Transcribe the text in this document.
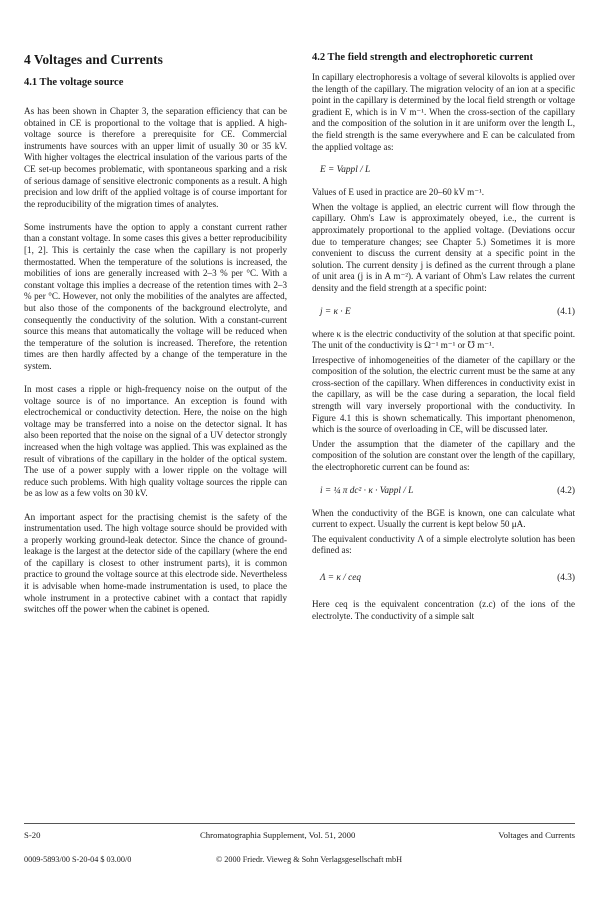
4 Voltages and Currents
4.1 The voltage source

As has been shown in Chapter 3, the separation efficiency that can be obtained in CE is proportional to the voltage that is applied. A high-voltage source is therefore a prerequisite for CE. Commercial instruments have sources with an upper limit of usually 30 or 35 kV. With higher voltages the electrical insulation of the various parts of the CE set-up becomes problematic, with spontaneous sparking and a risk of serious damage of sensitive electronic components as a result. A high precision and low drift of the applied voltage is of course important for the reproducibility of the migration times of analytes.

Some instruments have the option to apply a constant current rather than a constant voltage. In some cases this gives a better reproducibility [1, 2]. This is certainly the case when the capillary is not properly thermostatted. When the temperature of the solutions is increased, the mobilities of ions are generally increased with 2–3 % per °C. With a constant voltage this implies a decrease of the retention times with 2–3 % per °C. However, not only the mobilities of the analytes are affected, but also those of the components of the background electrolyte, and consequently the conductivity of the solution. With a constant-current source this means that automatically the voltage will be reduced when the temperature of the solution is increased. Therefore, the retention times are then hardly affected by a change of the temperature in the system.

In most cases a ripple or high-frequency noise on the output of the voltage source is of no importance. An exception is found with electrochemical or conductivity detection. Here, the noise on the high voltage may be transferred into a noise on the detector signal. It has also been reported that the noise on the signal of a UV detector strongly increased when the high voltage was applied. This was explained as the result of vibrations of the capillary in the holder of the optical system. The use of a power supply with a lower ripple on the voltage will reduce such problems. With high quality voltage sources the ripple can be as low as a few volts on 30 kV.

An important aspect for the practising chemist is the safety of the instrumentation used. The high voltage source should be provided with a properly working ground-leak detector. Since the chance of ground-leakage is the largest at the detector side of the capillary (where the end of the capillary is closest to other instrument parts), it is common practice to ground the voltage source at this electrode side. Nevertheless it is advisable when home-made instrumentation is used, to place the whole instrument in a protective cabinet with a contact that rapidly switches off the power when the cabinet is opened.

4.2 The field strength and electrophoretic current

In capillary electrophoresis a voltage of several kilovolts is applied over the length of the capillary. The migration velocity of an ion at a specific point in the capillary is determined by the local field strength or voltage gradient E, which is in V m⁻¹. When the cross-section of the capillary and the composition of the solution in it are uniform over the length L, the field strength is the same everywhere and E can be calculated from the applied voltage as:

E = Vappl / L

Values of E used in practice are 20–60 kV m⁻¹.

When the voltage is applied, an electric current will flow through the capillary. Ohm's Law is approximately obeyed, i.e., the current is approximately proportional to the applied voltage. (Deviations occur due to temperature changes; see Chapter 5.) Sometimes it is more convenient to discuss the current density at a specific point in the solution. The current density j is defined as the current through a plane of unit area (j is in A m⁻²). A variant of Ohm's Law relates the current density and the field strength at a specific point:

j = κ · E	(4.1)

where κ is the electric conductivity of the solution at that specific point. The unit of the conductivity is Ω⁻¹ m⁻¹ or ℧ m⁻¹.

Irrespective of inhomogeneities of the diameter of the capillary or the composition of the solution, the electric current must be the same at any cross-section of the capillary. When differences in conductivity exist in the capillary, as will be the case during a separation, the local field strength will vary inversely proportional with the conductivity. In Figure 4.1 this is shown schematically. This important phenomenon, which is the source of overloading in CE, will be discussed later.

Under the assumption that the diameter of the capillary and the composition of the solution are constant over the length of the capillary, the electrophoretic current can be found as:

i = ¼ π dc² · κ · Vappl / L	(4.2)

When the conductivity of the BGE is known, one can calculate what current to expect. Usually the current is kept below 50 μA.

The equivalent conductivity Λ of a simple electrolyte solution has been defined as:

Λ = κ / ceq	(4.3)

Here ceq is the equivalent concentration (z.c) of the ions of the electrolyte. The conductivity of a simple salt

S-20	Chromatographia Supplement, Vol. 51, 2000	Voltages and Currents
0009-5893/00 S-20-04 $ 03.00/0	© 2000 Friedr. Vieweg & Sohn Verlagsgesellschaft mbH
